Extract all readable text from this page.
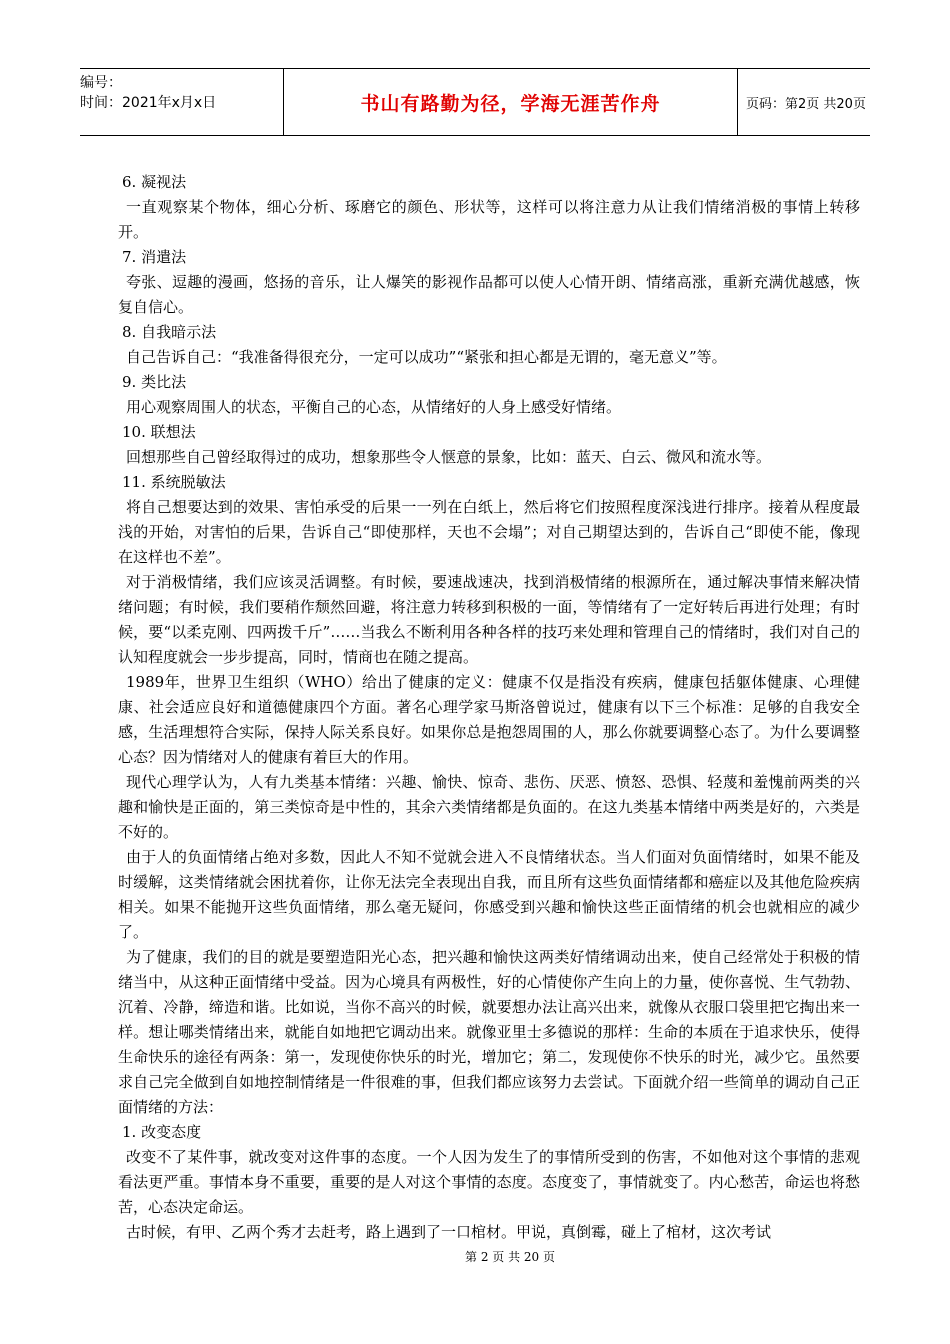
编号：
时间：2021年x月x日	书山有路勤为径，学海无涯苦作舟	页码：第2页 共20页

6. 凝视法

一直观察某个物体，细心分析、琢磨它的颜色、形状等，这样可以将注意力从让我们情绪消极的事情上转移开。

7. 消遣法

夸张、逗趣的漫画，悠扬的音乐，让人爆笑的影视作品都可以使人心情开朗、情绪高涨，重新充满优越感，恢复自信心。

8. 自我暗示法

自己告诉自己：“我准备得很充分，一定可以成功”“紧张和担心都是无谓的，毫无意义”等。

9. 类比法

用心观察周围人的状态，平衡自己的心态，从情绪好的人身上感受好情绪。

10. 联想法

回想那些自己曾经取得过的成功，想象那些令人惬意的景象，比如：蓝天、白云、微风和流水等。

11. 系统脱敏法

将自己想要达到的效果、害怕承受的后果一一列在白纸上，然后将它们按照程度深浅进行排序。接着从程度最浅的开始，对害怕的后果，告诉自己“即使那样，天也不会塌”；对自己期望达到的，告诉自己“即使不能，像现在这样也不差”。

对于消极情绪，我们应该灵活调整。有时候，要速战速决，找到消极情绪的根源所在，通过解决事情来解决情绪问题；有时候，我们要稍作颓然回避，将注意力转移到积极的一面，等情绪有了一定好转后再进行处理；有时候，要“以柔克刚、四两拨千斤”……当我么不断利用各种各样的技巧来处理和管理自己的情绪时，我们对自己的认知程度就会一步步提高，同时，情商也在随之提高。

1989年，世界卫生组织（WHO）给出了健康的定义：健康不仅是指没有疾病，健康包括躯体健康、心理健康、社会适应良好和道德健康四个方面。著名心理学家马斯洛曾说过，健康有以下三个标准：足够的自我安全感，生活理想符合实际，保持人际关系良好。如果你总是抱怨周围的人，那么你就要调整心态了。为什么要调整心态？因为情绪对人的健康有着巨大的作用。

现代心理学认为，人有九类基本情绪：兴趣、愉快、惊奇、悲伤、厌恶、愤怒、恐惧、轻蔑和羞愧前两类的兴趣和愉快是正面的，第三类惊奇是中性的，其余六类情绪都是负面的。在这九类基本情绪中两类是好的，六类是不好的。

由于人的负面情绪占绝对多数，因此人不知不觉就会进入不良情绪状态。当人们面对负面情绪时，如果不能及时缓解，这类情绪就会困扰着你，让你无法完全表现出自我，而且所有这些负面情绪都和癌症以及其他危险疾病相关。如果不能抛开这些负面情绪，那么毫无疑问，你感受到兴趣和愉快这些正面情绪的机会也就相应的减少了。

为了健康，我们的目的就是要塑造阳光心态，把兴趣和愉快这两类好情绪调动出来，使自己经常处于积极的情绪当中，从这种正面情绪中受益。因为心境具有两极性，好的心情使你产生向上的力量，使你喜悦、生气勃勃、沉着、冷静，缔造和谐。比如说，当你不高兴的时候，就要想办法让高兴出来，就像从衣服口袋里把它掏出来一样。想让哪类情绪出来，就能自如地把它调动出来。就像亚里士多德说的那样：生命的本质在于追求快乐，使得生命快乐的途径有两条：第一，发现使你快乐的时光，增加它；第二，发现使你不快乐的时光，减少它。虽然要求自己完全做到自如地控制情绪是一件很难的事，但我们都应该努力去尝试。下面就介绍一些简单的调动自己正面情绪的方法：

1. 改变态度

改变不了某件事，就改变对这件事的态度。一个人因为发生了的事情所受到的伤害，不如他对这个事情的悲观看法更严重。事情本身不重要，重要的是人对这个事情的态度。态度变了，事情就变了。内心愁苦，命运也将愁苦，心态决定命运。

古时候，有甲、乙两个秀才去赶考，路上遇到了一口棺材。甲说，真倒霉，碰上了棺材，这次考试

第 2 页 共 20 页
